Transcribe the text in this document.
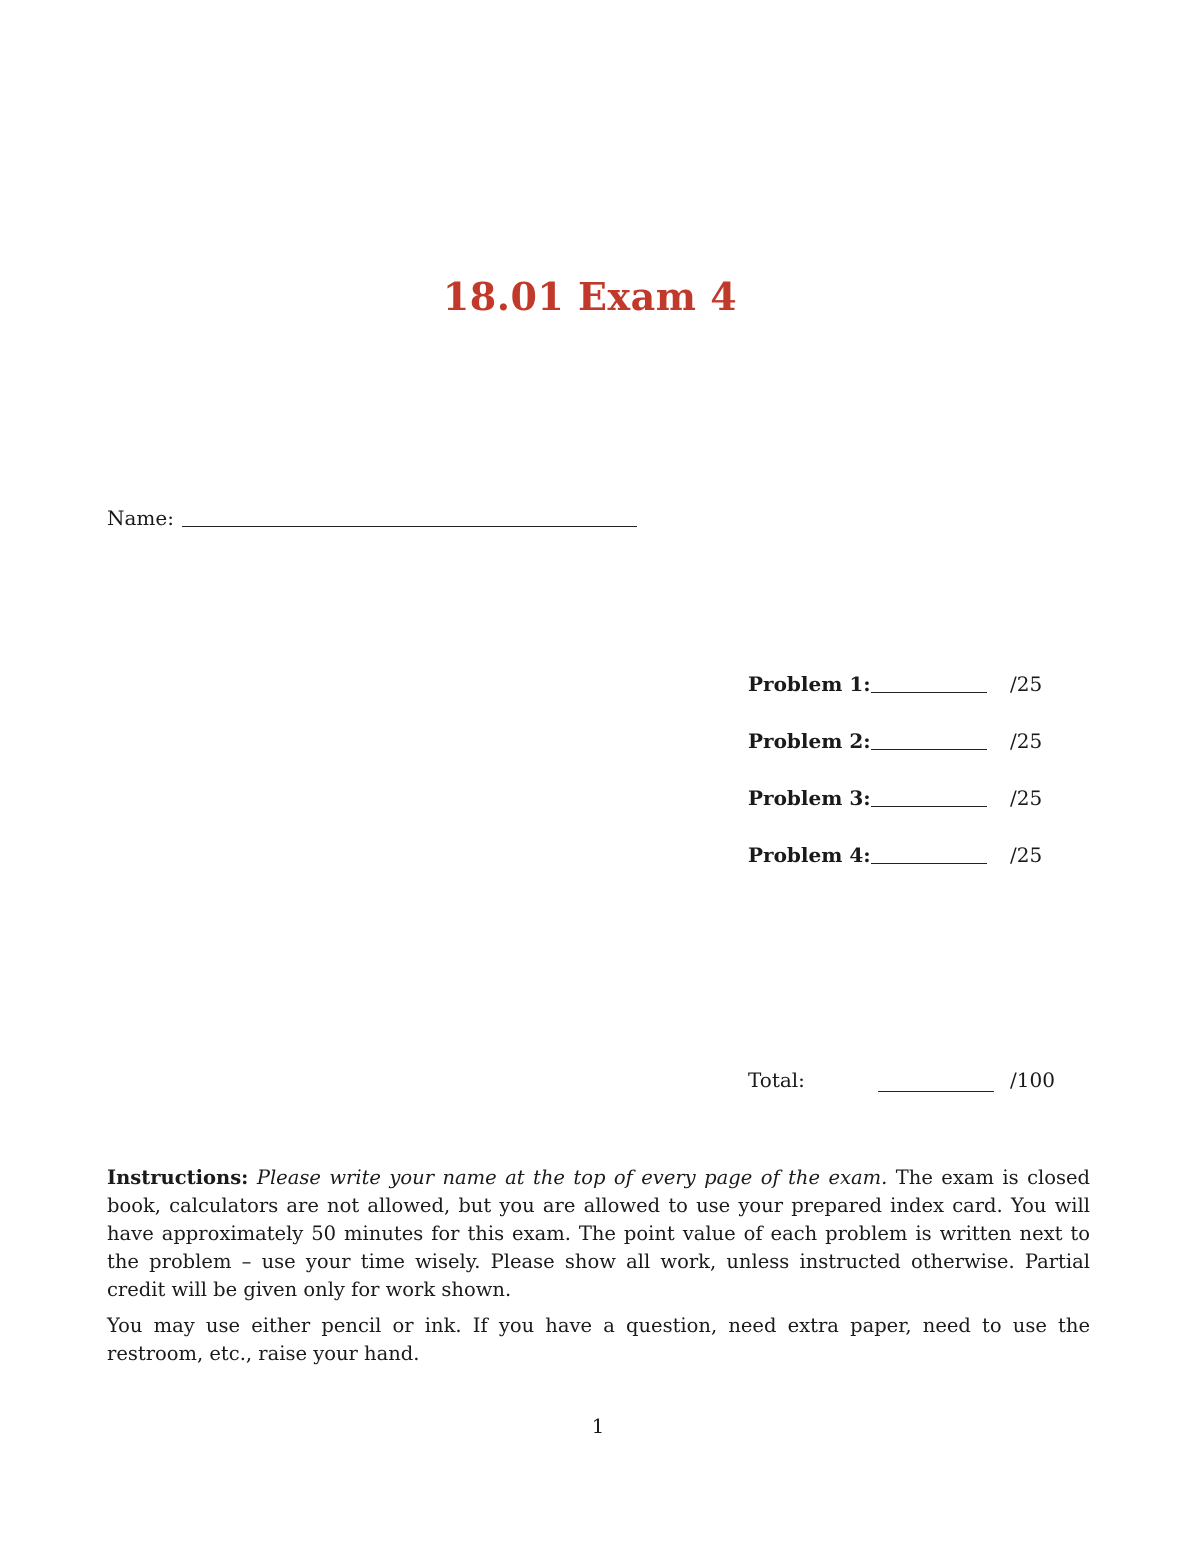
18.01 Exam 4
Name:
Problem 1:	/25
Problem 2:	/25
Problem 3:	/25
Problem 4:	/25
Total:	/100

Instructions: Please write your name at the top of every page of the exam. The exam is closed book, calculators are not allowed, but you are allowed to use your prepared index card. You will have approximately 50 minutes for this exam. The point value of each problem is written next to the problem – use your time wisely. Please show all work, unless instructed otherwise. Partial credit will be given only for work shown.

You may use either pencil or ink. If you have a question, need extra paper, need to use the restroom, etc., raise your hand.

1
